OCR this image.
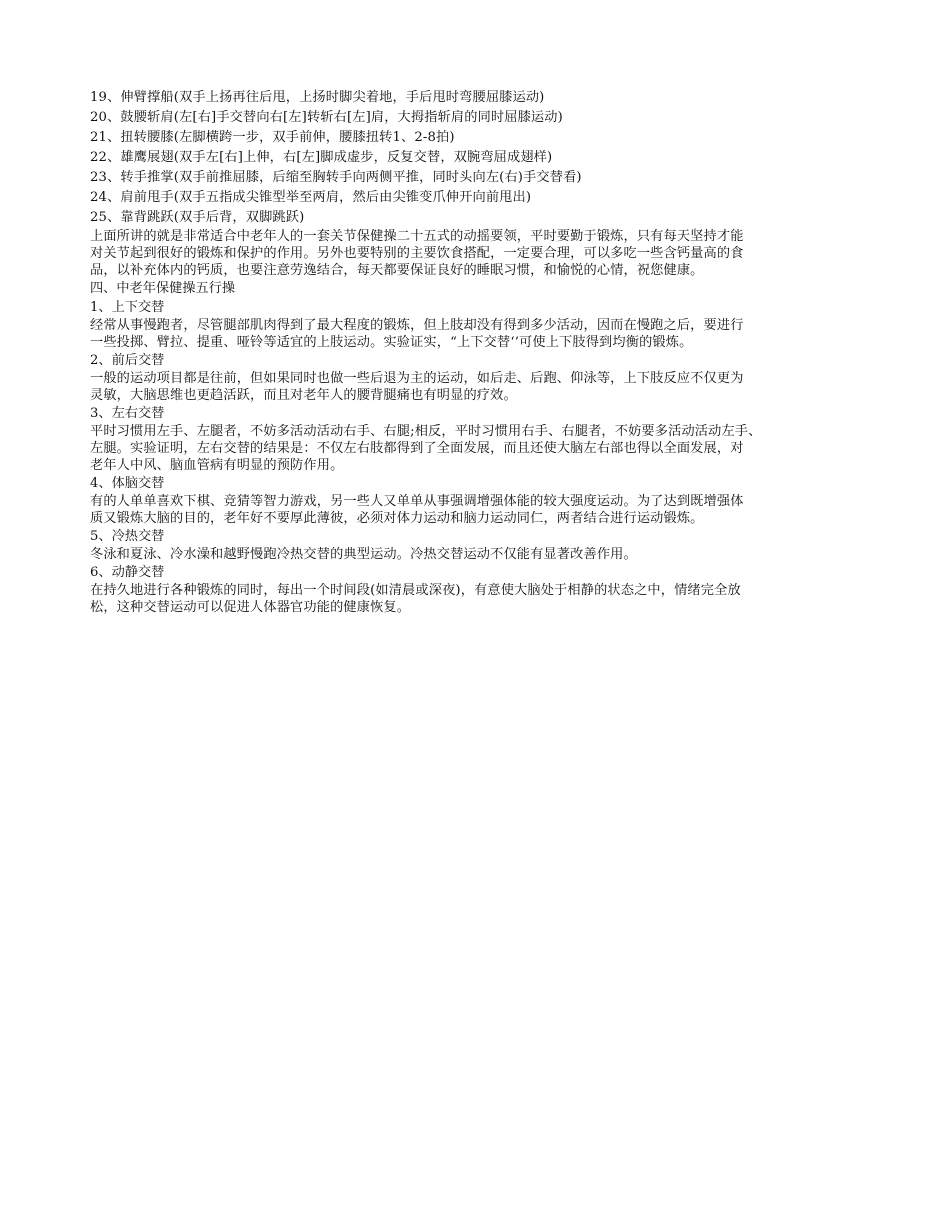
19、伸臂撑船(双手上扬再往后甩，上扬时脚尖着地，手后甩时弯腰屈膝运动)
20、鼓腰斩肩(左[右]手交替向右[左]转斩右[左]肩，大拇指斩肩的同时屈膝运动)
21、扭转腰膝(左脚横跨一步，双手前伸，腰膝扭转1、2-8拍)
22、雄鹰展翅(双手左[右]上伸，右[左]脚成虚步，反复交替，双腕弯屈成翅样)
23、转手推掌(双手前推屈膝，后缩至胸转手向两侧平推，同时头向左(右)手交替看)
24、肩前甩手(双手五指成尖锥型举至两肩，然后由尖锥变爪伸开向前甩出)
25、靠背跳跃(双手后背，双脚跳跃)
上面所讲的就是非常适合中老年人的一套关节保健操二十五式的动摇要领，平时要勤于锻炼，只有每天坚持才能
对关节起到很好的锻炼和保护的作用。另外也要特别的主要饮食搭配，一定要合理，可以多吃一些含钙量高的食
品，以补充体内的钙质，也要注意劳逸结合，每天都要保证良好的睡眠习惯，和愉悦的心情，祝您健康。
四、中老年保健操五行操
1、上下交替
经常从事慢跑者，尽管腿部肌肉得到了最大程度的锻炼，但上肢却没有得到多少活动，因而在慢跑之后，要进行
一些投掷、臂拉、提重、哑铃等适宜的上肢运动。实验证实，“上下交替‘’可使上下肢得到均衡的锻炼。
2、前后交替
一般的运动项目都是往前，但如果同时也做一些后退为主的运动，如后走、后跑、仰泳等，上下肢反应不仅更为
灵敏，大脑思维也更趋活跃，而且对老年人的腰背腿痛也有明显的疗效。
3、左右交替
平时习惯用左手、左腿者，不妨多活动活动右手、右腿;相反，平时习惯用右手、右腿者，不妨要多活动活动左手、
左腿。实验证明，左右交替的结果是：不仅左右肢都得到了全面发展，而且还使大脑左右部也得以全面发展，对
老年人中风、脑血管病有明显的预防作用。
4、体脑交替
有的人单单喜欢下棋、竞猜等智力游戏，另一些人又单单从事强调增强体能的较大强度运动。为了达到既增强体
质又锻炼大脑的目的，老年好不要厚此薄彼，必须对体力运动和脑力运动同仁，两者结合进行运动锻炼。
5、冷热交替
冬泳和夏泳、冷水澡和越野慢跑冷热交替的典型运动。冷热交替运动不仅能有显著改善作用。
6、动静交替
在持久地进行各种锻炼的同时，每出一个时间段(如清晨或深夜)，有意使大脑处于相静的状态之中，情绪完全放
松，这种交替运动可以促进人体器官功能的健康恢复。
